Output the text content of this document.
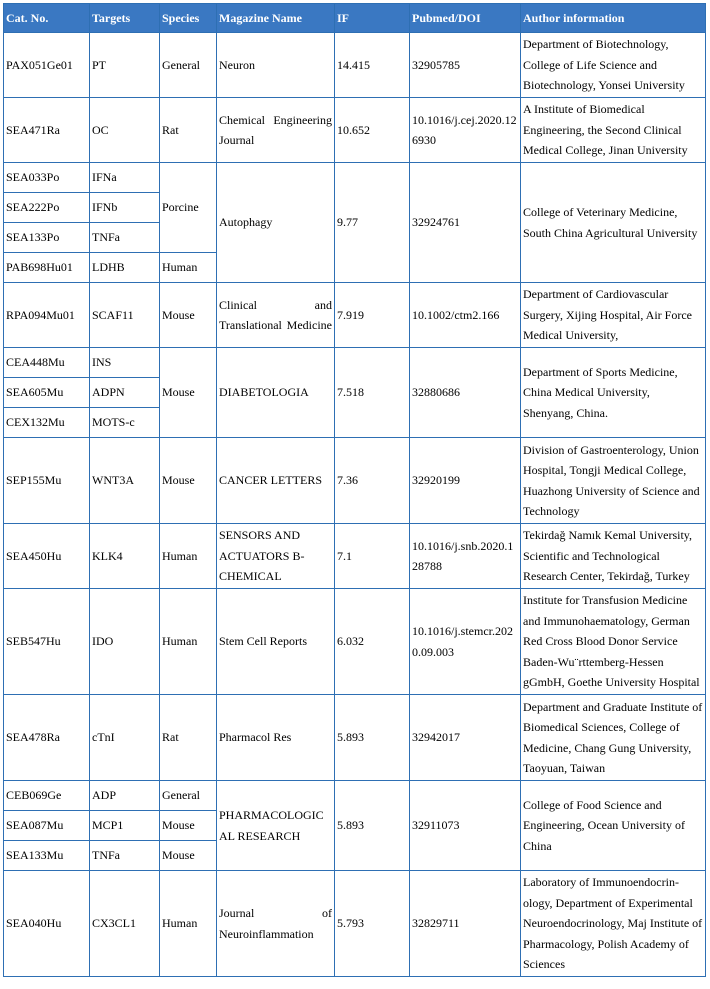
Cat. No.	Targets	Species	Magazine Name	IF	Pubmed/DOI	Author information
PAX051Ge01	PT	General	Neuron	14.415	32905785	Department of Biotechnology, College of Life Science and Biotechnology, Yonsei University
SEA471Ra	OC	Rat	Chemical Engineering Journal	10.652	10.1016/j.cej.2020.126930	A Institute of Biomedical Engineering, the Second Clinical Medical College, Jinan University
SEA033Po	IFNa	Porcine	Autophagy	9.77	32924761	College of Veterinary Medicine, South China Agricultural University
SEA222Po	IFNb					
SEA133Po	TNFa					
PAB698Hu01	LDHB	Human				
RPA094Mu01	SCAF11	Mouse	Clinical and Translational Medicine	7.919	10.1002/ctm2.166	Department of Cardiovascular Surgery, Xijing Hospital, Air Force Medical University,
CEA448Mu	INS	Mouse	DIABETOLOGIA	7.518	32880686	Department of Sports Medicine, China Medical University, Shenyang, China.
SEA605Mu	ADPN					
CEX132Mu	MOTS-c					
SEP155Mu	WNT3A	Mouse	CANCER LETTERS	7.36	32920199	Division of Gastroenterology, Union Hospital, Tongji Medical College, Huazhong University of Science and Technology
SEA450Hu	KLK4	Human	SENSORS AND ACTUATORS B-CHEMICAL	7.1	10.1016/j.snb.2020.128788	Tekirdağ Namık Kemal University, Scientific and Technological Research Center, Tekirdağ, Turkey
SEB547Hu	IDO	Human	Stem Cell Reports	6.032	10.1016/j.stemcr.2020.09.003	Institute for Transfusion Medicine and Immunohaematology, German Red Cross Blood Donor Service Baden-Wu¨rttemberg-Hessen gGmbH, Goethe University Hospital
SEA478Ra	cTnI	Rat	Pharmacol Res	5.893	32942017	Department and Graduate Institute of Biomedical Sciences, College of Medicine, Chang Gung University, Taoyuan, Taiwan
CEB069Ge	ADP	General	PHARMACOLOGICAL RESEARCH	5.893	32911073	College of Food Science and Engineering, Ocean University of China
SEA087Mu	MCP1	Mouse				
SEA133Mu	TNFa	Mouse				
SEA040Hu	CX3CL1	Human	Journal of Neuroinflammation	5.793	32829711	Laboratory of Immunoendocrin-ology, Department of Experimental Neuroendocrinology, Maj Institute of Pharmacology, Polish Academy of Sciences
